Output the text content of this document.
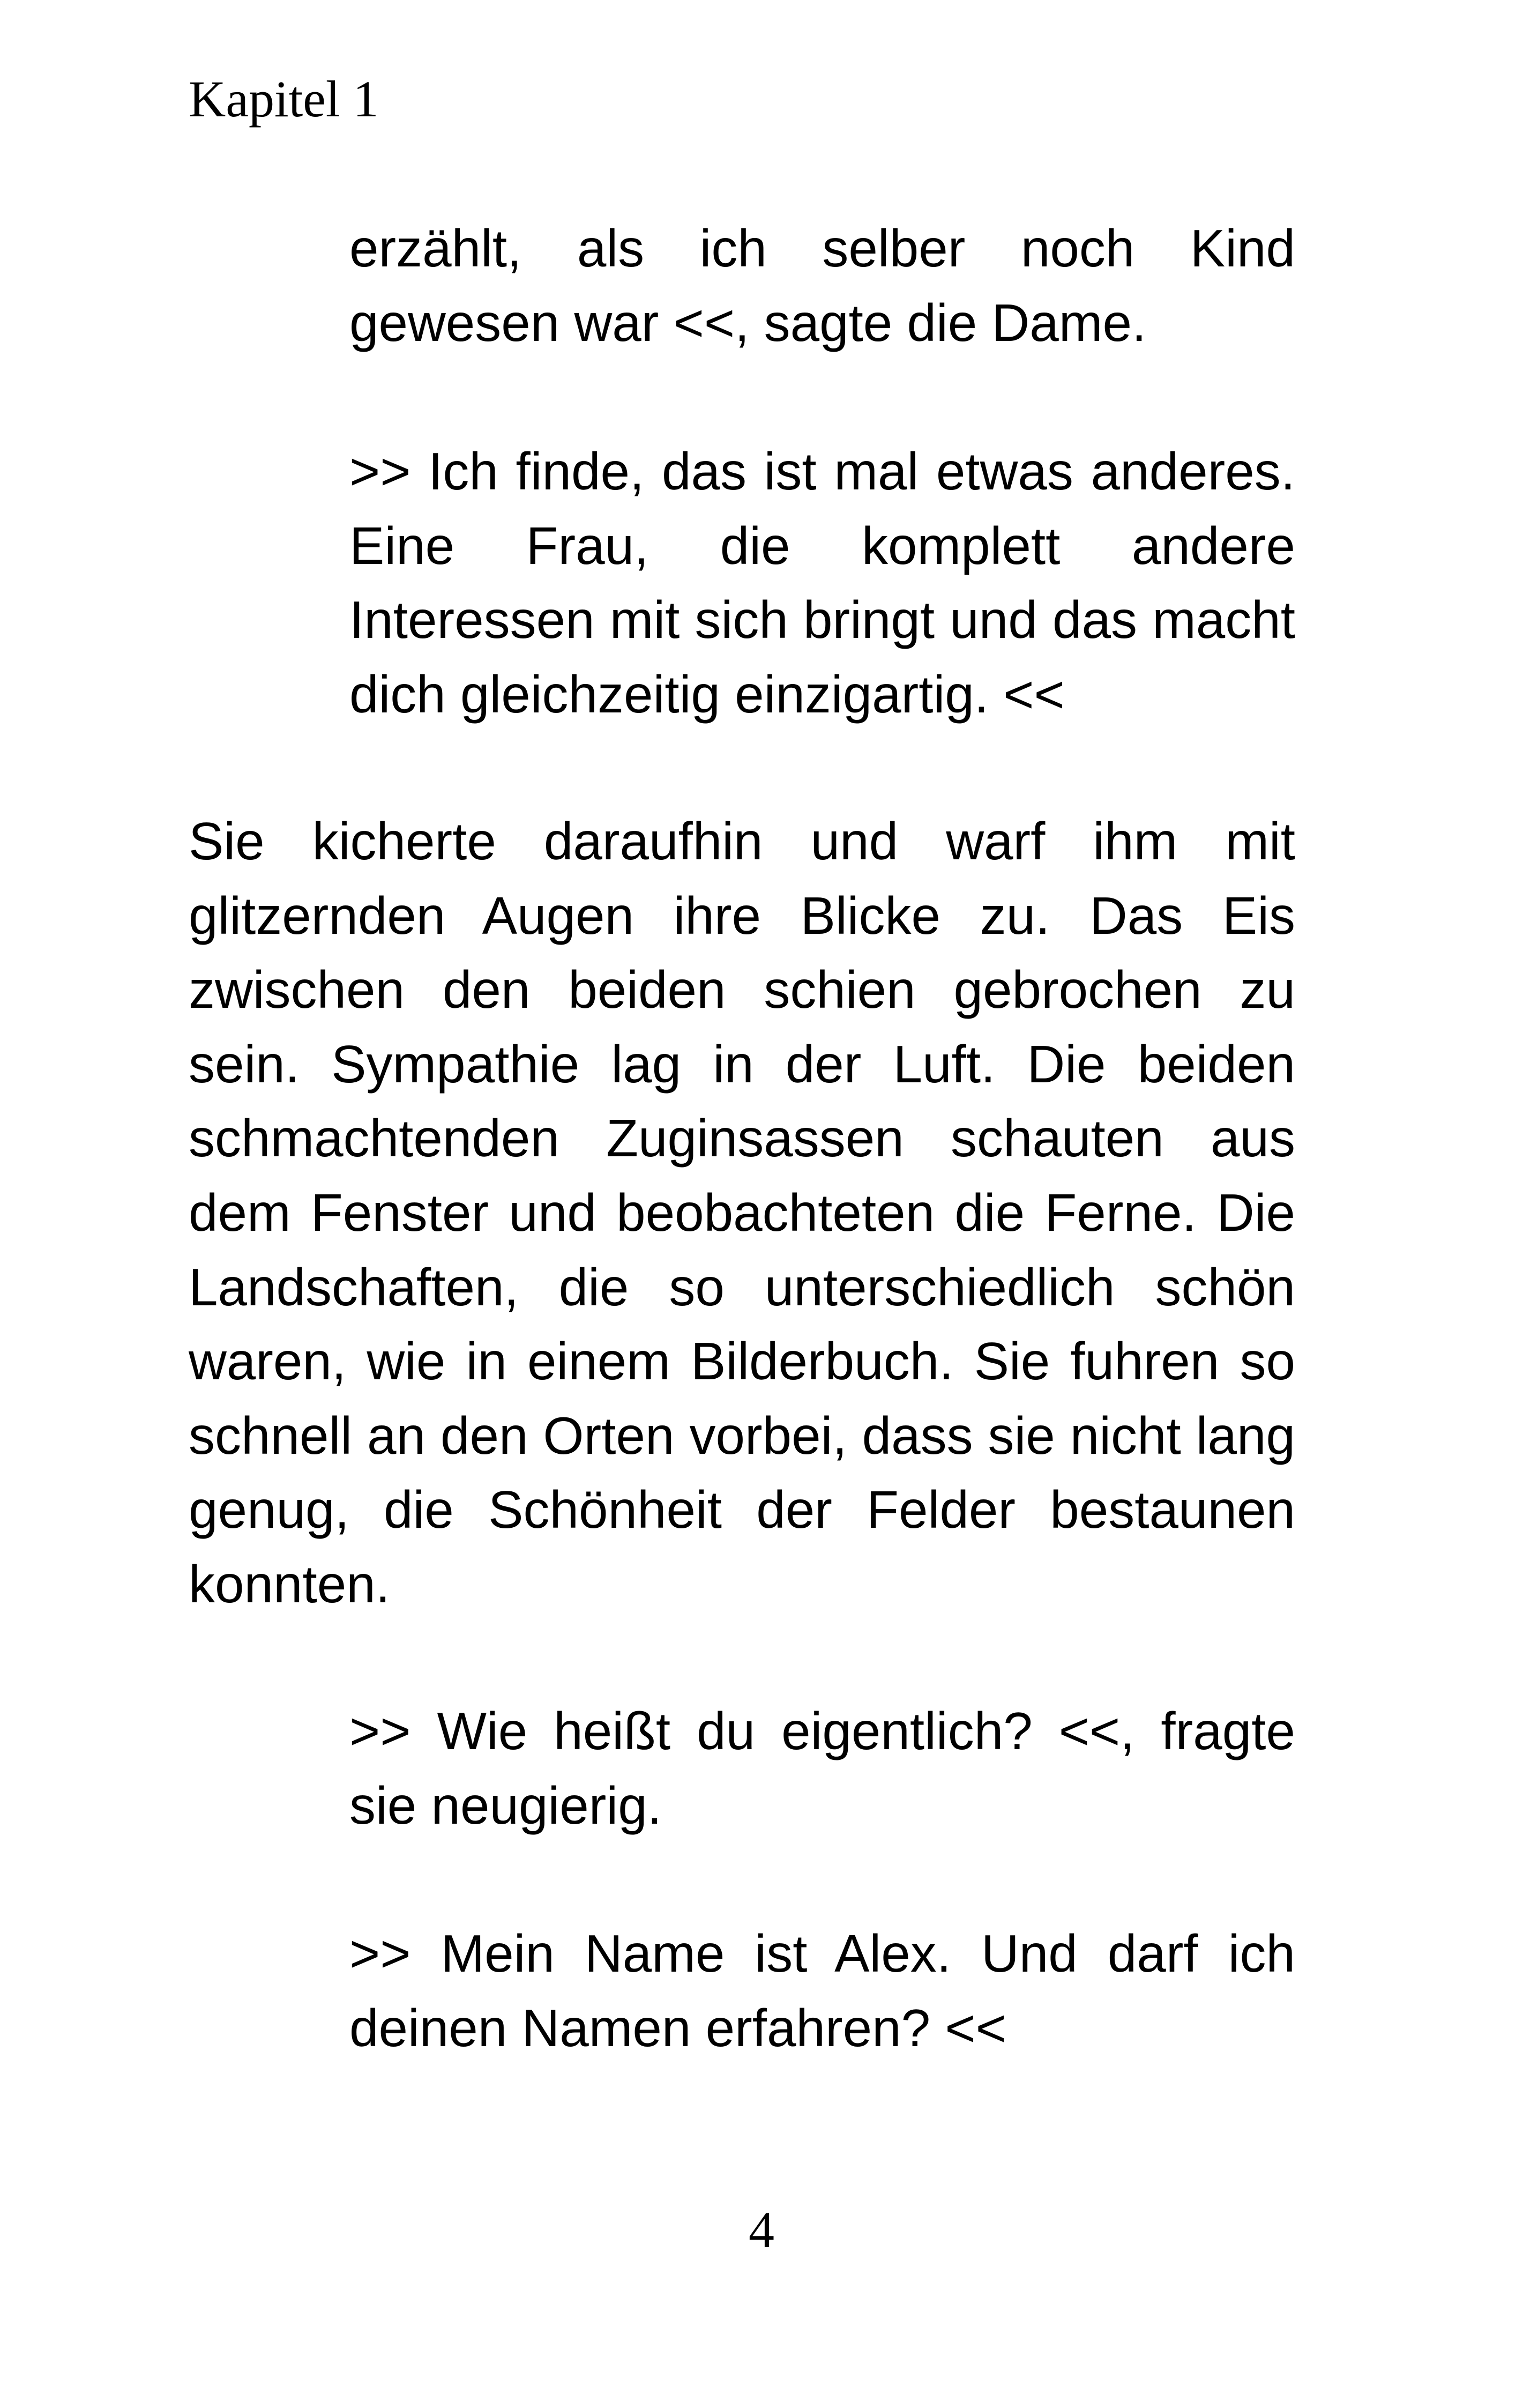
Kapitel 1

erzählt, als ich selber noch Kind gewesen war <<, sagte die Dame.

>> Ich finde, das ist mal etwas anderes. Eine Frau, die komplett andere Interessen mit sich bringt und das macht dich gleichzeitig einzigartig. <<

Sie kicherte daraufhin und warf ihm mit glitzernden Augen ihre Blicke zu. Das Eis zwischen den beiden schien gebrochen zu sein. Sympathie lag in der Luft. Die beiden schmachtenden Zuginsassen schauten aus dem Fenster und beobachteten die Ferne. Die Landschaften, die so unterschiedlich schön waren, wie in einem Bilderbuch. Sie fuhren so schnell an den Orten vorbei, dass sie nicht lang genug, die Schönheit der Felder bestaunen konnten.

>> Wie heißt du eigentlich? <<, fragte sie neugierig.

>> Mein Name ist Alex. Und darf ich deinen Namen erfahren? <<

4
